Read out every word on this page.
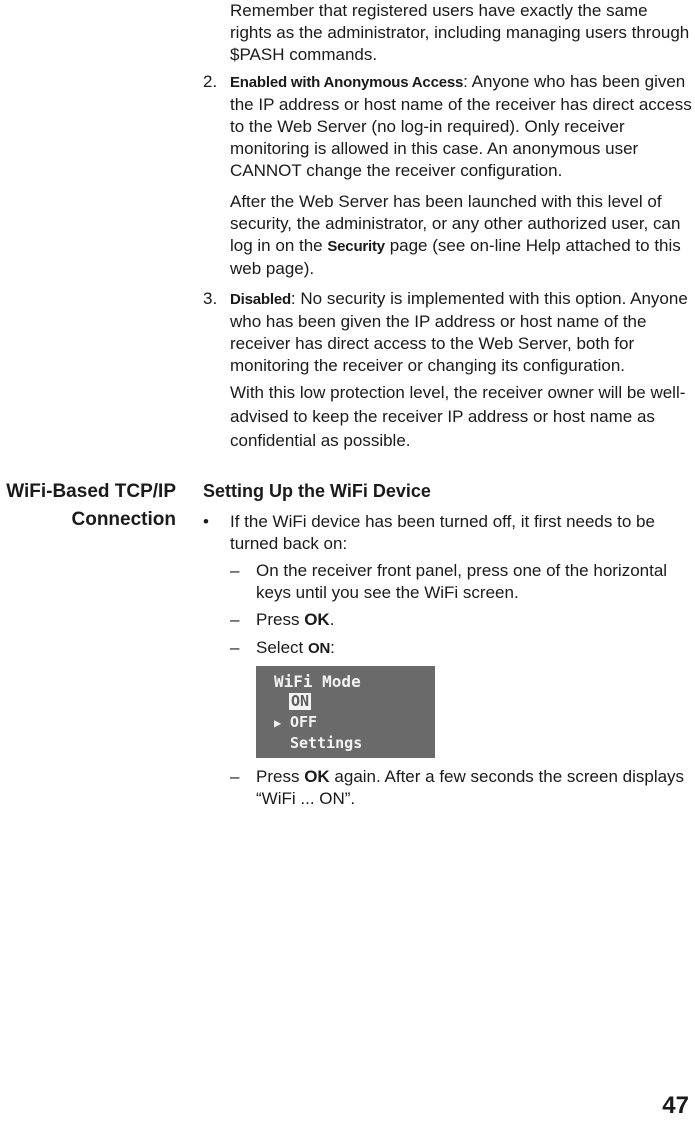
Remember that registered users have exactly the same rights as the administrator, including managing users through $PASH commands.

2. Enabled with Anonymous Access: Anyone who has been given the IP address or host name of the receiver has direct access to the Web Server (no log-in required). Only receiver monitoring is allowed in this case. An anonymous user CANNOT change the receiver configuration.

After the Web Server has been launched with this level of security, the administrator, or any other authorized user, can log in on the Security page (see on-line Help attached to this web page).

3. Disabled: No security is implemented with this option. Anyone who has been given the IP address or host name of the receiver has direct access to the Web Server, both for monitoring the receiver or changing its configuration.

With this low protection level, the receiver owner will be well-advised to keep the receiver IP address or host name as confidential as possible.

WiFi-Based TCP/IP
Connection
Setting Up the WiFi Device
• If the WiFi device has been turned off, it first needs to be turned back on:

– On the receiver front panel, press one of the horizontal keys until you see the WiFi screen.

– Press OK.

– Select ON:

WiFi Mode
ON
▶ OFF
Settings
– Press OK again. After a few seconds the screen displays “WiFi ... ON”.

47
